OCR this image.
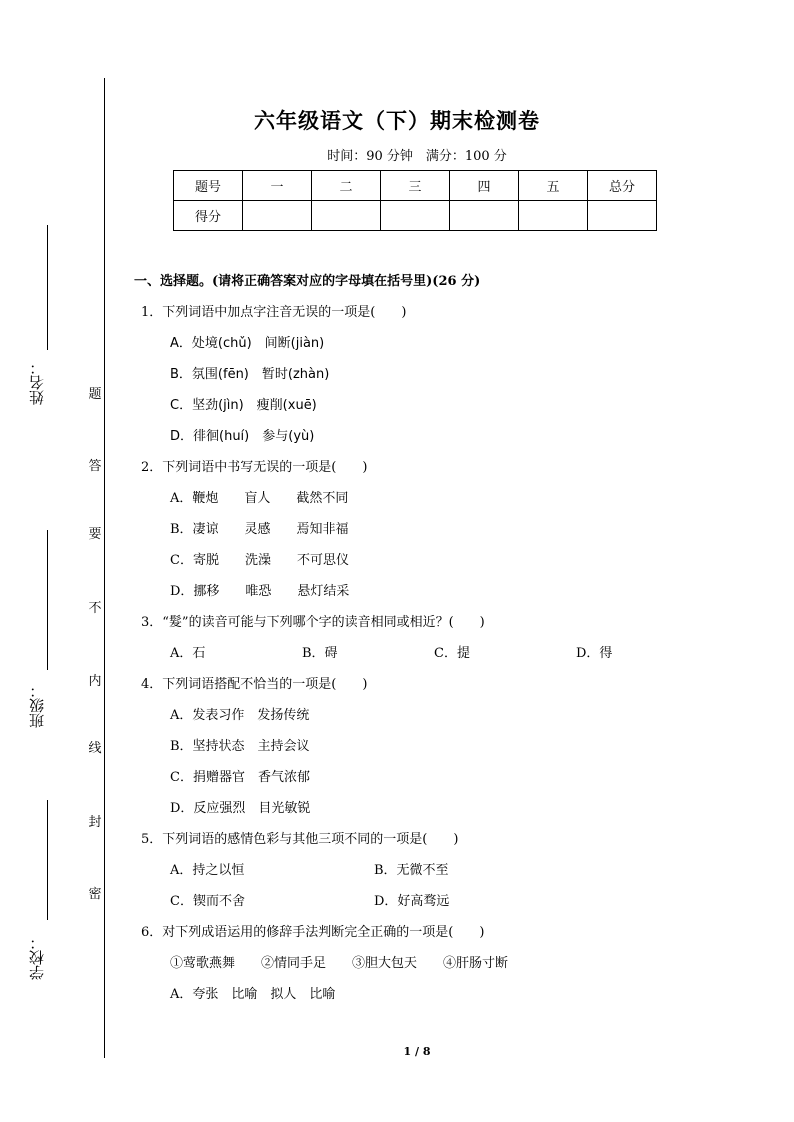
姓名：
班级：
学校：
密
封
线
内
不
要
答
题
六年级语文（下）期末检测卷
时间：90 分钟　满分：100 分
题号	一	二	三	四	五	总分
得分						
一、选择题。(请将正确答案对应的字母填在括号里)(26 分)
1．下列词语中加点字注音无误的一项是(　　)
A．处境(chǔ)　间断(jiàn)
B．氛围(fēn)　暂时(zhàn)
C．坚劲(jìn)　瘦削(xuē)
D．徘徊(huí)　参与(yù)
2．下列词语中书写无误的一项是(　　)
A．鞭炮　　盲人　　截然不同
B．凄谅　　灵感　　焉知非福
C．寄脱　　洗澡　　不可思仪
D．挪移　　唯恐　　悬灯结采
3．“髮”的读音可能与下列哪个字的读音相同或相近？(　　)
A．石	B．碍	C．提	D．得
4．下列词语搭配不恰当的一项是(　　)
A．发表习作　发扬传统
B．坚持状态　主持会议
C．捐赠器官　香气浓郁
D．反应强烈　目光敏锐
5．下列词语的感情色彩与其他三项不同的一项是(　　)
A．持之以恒	B．无微不至
C．锲而不舍	D．好高骛远
6．对下列成语运用的修辞手法判断完全正确的一项是(　　)
①莺歌燕舞　　②情同手足　　③胆大包天　　④肝肠寸断
A．夸张　比喻　拟人　比喻
1 / 8
